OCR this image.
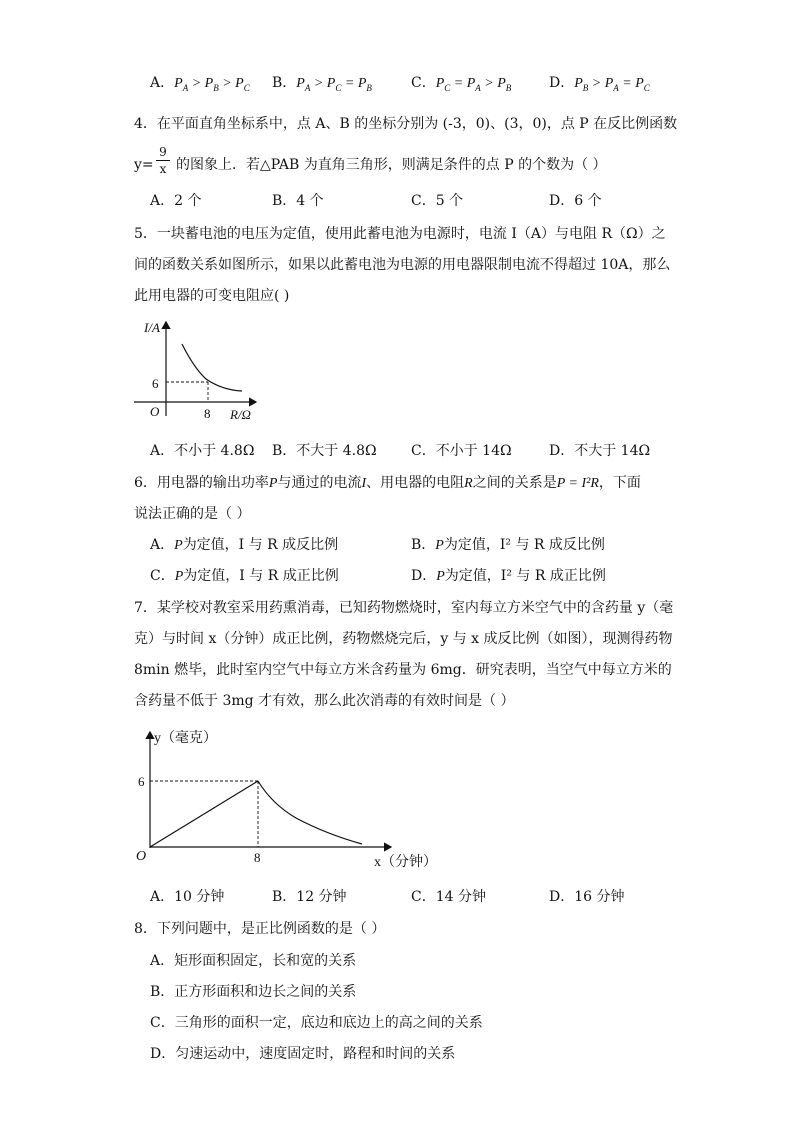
A．$P_A > P_B > P_C$ B．$P_A > P_C = P_B$	C．$P_C = P_A > P_B$	D．$P_B > P_A = P_C$
4．在平面直角坐标系中，点 A、B 的坐标分别为 (-3，0)、(3，0)，点 P 在反比例函数
y=
9
x 的图象上．若△PAB 为直角三角形，则满足条件的点 P 的个数为（ ）
A．2 个	B．4 个	C．5 个	D．6 个
5．一块蓄电池的电压为定值，使用此蓄电池为电源时，电流 I（A）与电阻 R（Ω）之
间的函数关系如图所示，如果以此蓄电池为电源的用电器限制电流不得超过 10A，那么
此用电器的可变电阻应( )
I/A
R/Ω
6
8
O
A．不小于 4.8Ω B．不大于 4.8Ω C．不小于 14Ω	D．不大于 14Ω
6．用电器的输出功率P与通过的电流I、用电器的电阻R之间的关系是P = I²R，下面
说法正确的是（ ）
A．P为定值，I 与 R 成反比例	B．P为定值，I² 与 R 成反比例
C．P为定值，I 与 R 成正比例	D．P为定值，I² 与 R 成正比例
7．某学校对教室采用药熏消毒，已知药物燃烧时，室内每立方米空气中的含药量 y（毫
克）与时间 x（分钟）成正比例，药物燃烧完后，y 与 x 成反比例（如图），现测得药物
8min 燃毕，此时室内空气中每立方米含药量为 6mg．研究表明，当空气中每立方米的
含药量不低于 3mg 才有效，那么此次消毒的有效时间是（ ）
y（毫克）
6
8
O	x（分钟）
A．10 分钟	B．12 分钟	C．14 分钟	D．16 分钟
8．下列问题中，是正比例函数的是（ ）
A．矩形面积固定，长和宽的关系
B．正方形面积和边长之间的关系
C．三角形的面积一定，底边和底边上的高之间的关系
D．匀速运动中，速度固定时，路程和时间的关系
